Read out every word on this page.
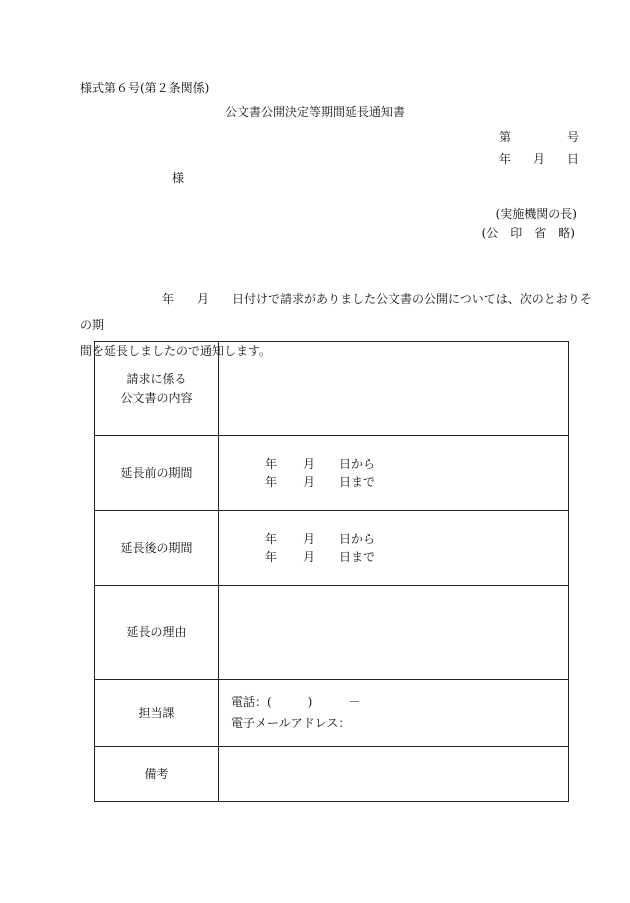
様式第６号(第２条関係)
公文書公開決定等期間延長通知書
第	号
年 月 日
様
(実施機関の長)
(公　印　省　略)
年 月 日付けで請求がありました公文書の公開については、次のとおりその期
間を延長しましたので通知します。
請求に係る
公文書の内容	

延長前の期間	年 月 日から
年 月 日まで

延長後の期間	年 月 日から
年 月 日まで

延長の理由	
担当課	電話：(　　　)　　　－
電子メールアドレス：

備考	
